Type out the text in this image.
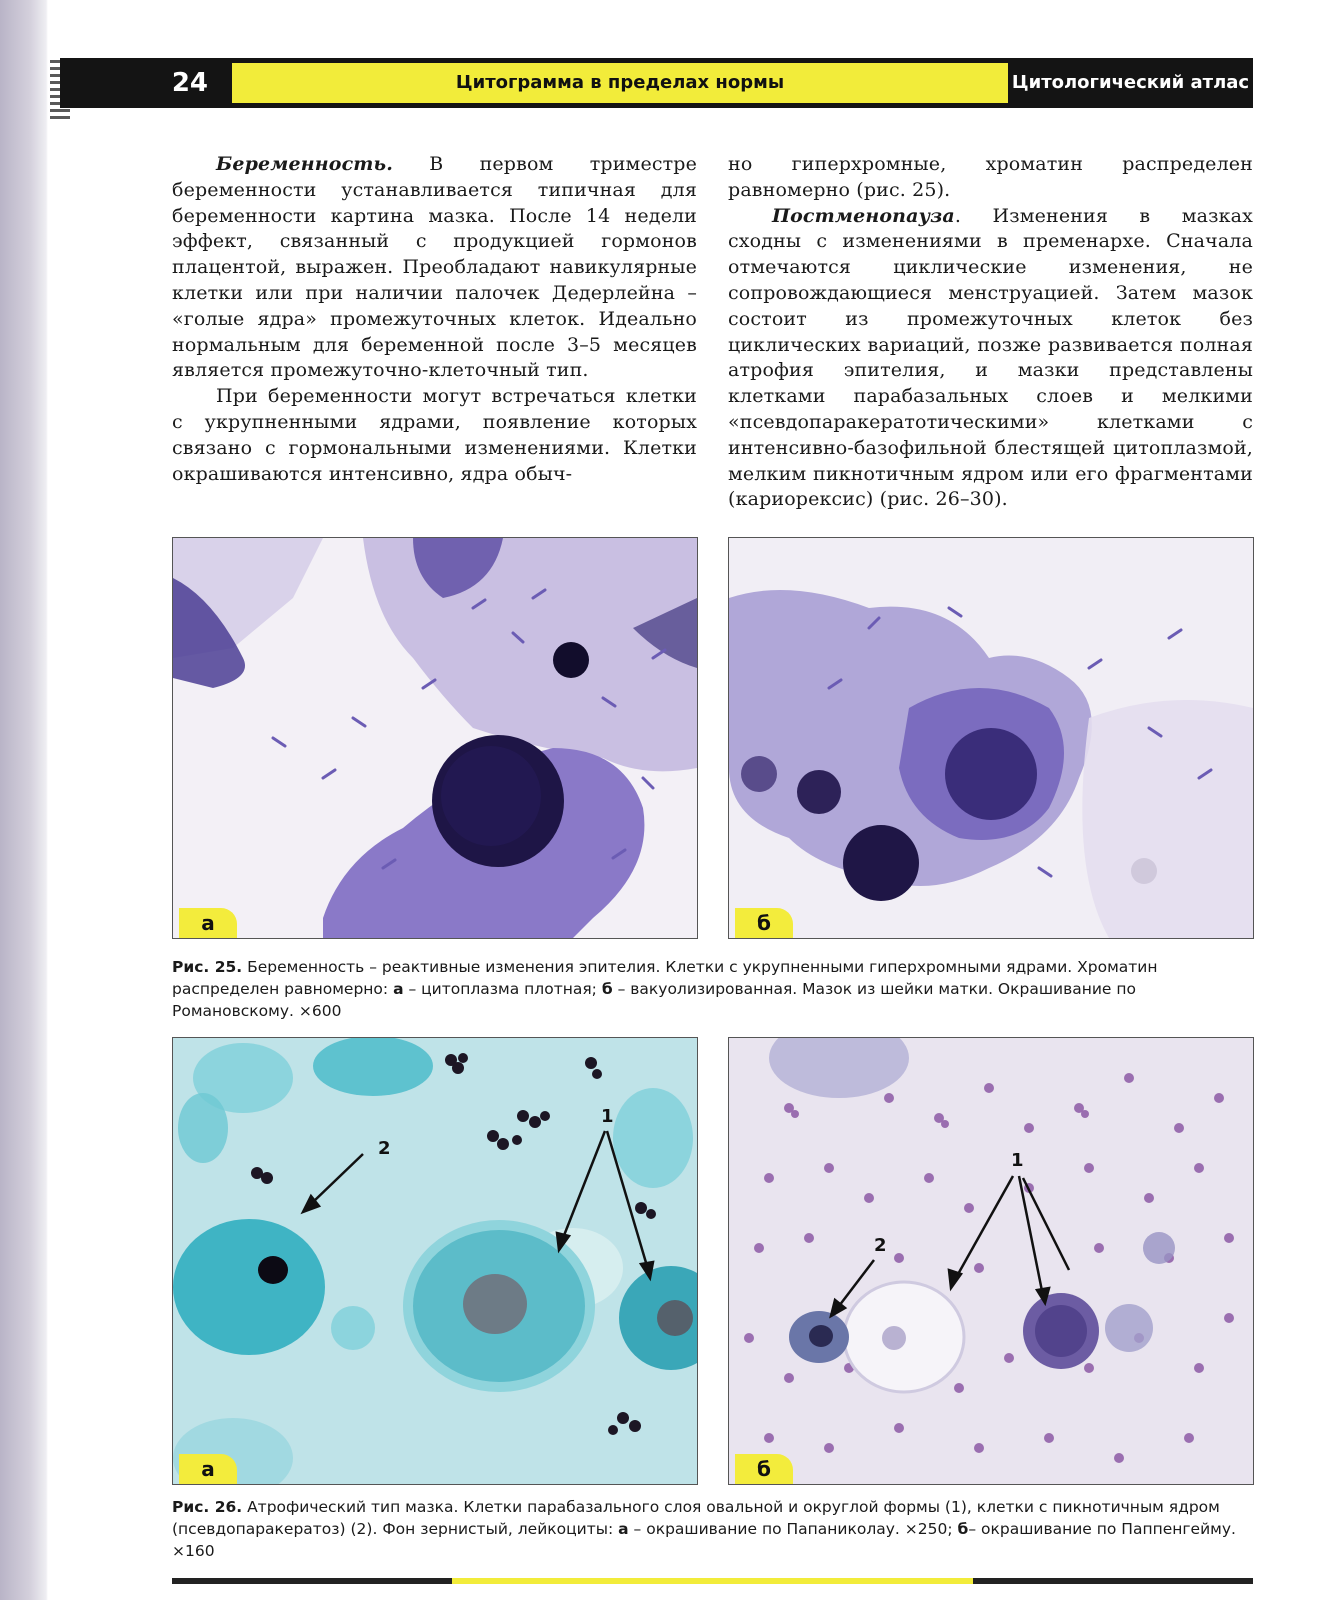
24	Цитограмма в пределах нормы	Цитологический атлас

Беременность. В первом триместре беременности устанавливается типичная для беременности картина мазка. После 14 недели эффект, связанный с продукцией гормонов плацентой, выражен. Преобладают навикулярные клетки или при наличии палочек Дедерлейна – «голые ядра» промежуточных клеток. Идеально нормальным для беременной после 3–5 месяцев является промежуточно-клеточный тип.

При беременности могут встречаться клетки с укрупненными ядрами, появление которых связано с гормональными изменениями. Клетки окрашиваются интенсивно, ядра обыч-

но гиперхромные, хроматин распределен равномерно (рис. 25).

Постменопауза. Изменения в мазках сходны с изменениями в пременархе. Сначала отмечаются циклические изменения, не сопровождающиеся менструацией. Затем мазок состоит из промежуточных клеток без циклических вариаций, позже развивается полная атрофия эпителия, и мазки представлены клетками парабазальных слоев и мелкими «псевдопаракератотическими» клетками с интенсивно-базофильной блестящей цитоплазмой, мелким пикнотичным ядром или его фрагментами (кариорексис) (рис. 26–30).

а	б
Рис. 25. Беременность – реактивные изменения эпителия. Клетки с укрупненными гиперхромными ядрами. Хроматин распределен равномерно: а – цитоплазма плотная; б – вакуолизированная. Мазок из шейки матки. Окрашивание по Романовскому. ×600
2
1
а
2
1
б
Рис. 26. Атрофический тип мазка. Клетки парабазального слоя овальной и округлой формы (1), клетки с пикнотичным ядром (псевдопаракератоз) (2). Фон зернистый, лейкоциты: а – окрашивание по Папаниколау. ×250; б– окрашивание по Паппенгейму. ×160
